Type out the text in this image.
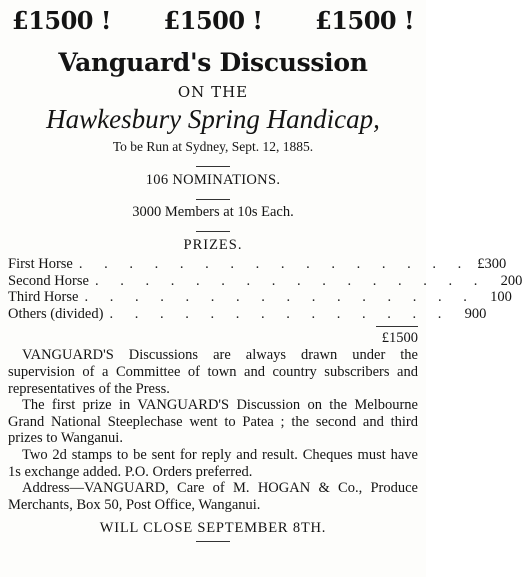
£1500 ! £1500 ! £1500 !
Vanguard's Discussion
ON THE
Hawkesbury Spring Handicap,
To be Run at Sydney, Sept. 12, 1885.
106 NOMINATIONS.
3000 Members at 10s Each.
PRIZES.
First Horse . . . . . . . . . . . . . . . . £300
Second Horse . . . . . . . . . . . . . . . . 200
Third Horse . . . . . . . . . . . . . . . . 100
Others (divided) . . . . . . . . . . . . . . 900
£1500

VANGUARD'S Discussions are always drawn under the supervision of a Committee of town and country subscribers and representatives of the Press.

The first prize in VANGUARD'S Discussion on the Melbourne Grand National Steeplechase went to Patea ; the second and third prizes to Wanganui.

Two 2d stamps to be sent for reply and result. Cheques must have 1s exchange added. P.O. Orders preferred.

Address—VANGUARD, Care of M. HOGAN & Co., Produce Merchants, Box 50, Post Office, Wanganui.

WILL CLOSE SEPTEMBER 8TH.
